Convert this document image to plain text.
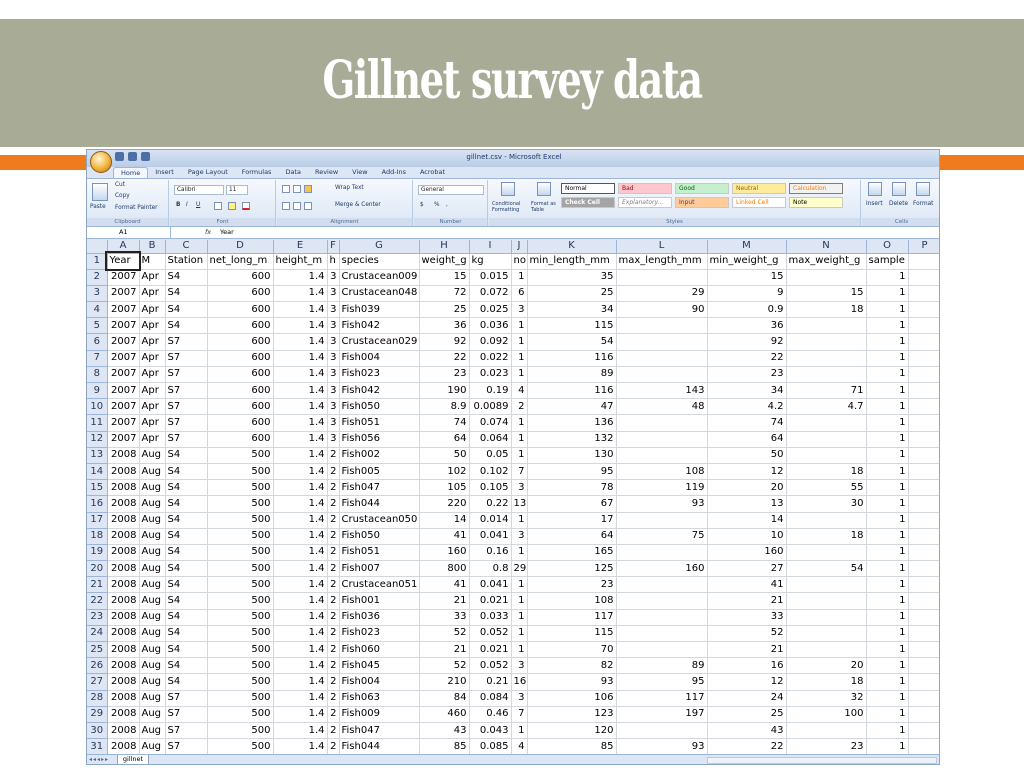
Gillnet survey data
gillnet.csv - Microsoft Excel
Home	Insert	Page Layout	Formulas	Data	Review	View	Add-Ins	Acrobat
Paste
Cut
Copy
Format Painter
Clipboard
Calibri	11
B I U
Font
Wrap Text
Merge & Center
Alignment
General
$ % ,
Number
Conditional Formatting
Format as Table
Normal	Bad	Good	Neutral	Calculation
Check Cell	Explanatory...	Input	Linked Cell	Note
Styles
Insert Delete Format
Cells
A1	fx Year
	A	B	C	D	E	F	G	H	I	J	K	L	M	N	O	P
1	Year	M	Station	net_long_m	height_m	h	species	weight_g	kg	no	min_length_mm	max_length_mm	min_weight_g	max_weight_g	sample	
2	2007	Apr	S4	600	1.4	3	Crustacean009	15	0.015	1	35		15		1	
3	2007	Apr	S4	600	1.4	3	Crustacean048	72	0.072	6	25	29	9	15	1	
4	2007	Apr	S4	600	1.4	3	Fish039	25	0.025	3	34	90	0.9	18	1	
5	2007	Apr	S4	600	1.4	3	Fish042	36	0.036	1	115		36		1	
6	2007	Apr	S7	600	1.4	3	Crustacean029	92	0.092	1	54		92		1	
7	2007	Apr	S7	600	1.4	3	Fish004	22	0.022	1	116		22		1	
8	2007	Apr	S7	600	1.4	3	Fish023	23	0.023	1	89		23		1	
9	2007	Apr	S7	600	1.4	3	Fish042	190	0.19	4	116	143	34	71	1	
10	2007	Apr	S7	600	1.4	3	Fish050	8.9	0.0089	2	47	48	4.2	4.7	1	
11	2007	Apr	S7	600	1.4	3	Fish051	74	0.074	1	136		74		1	
12	2007	Apr	S7	600	1.4	3	Fish056	64	0.064	1	132		64		1	
13	2008	Aug	S4	500	1.4	2	Fish002	50	0.05	1	130		50		1	
14	2008	Aug	S4	500	1.4	2	Fish005	102	0.102	7	95	108	12	18	1	
15	2008	Aug	S4	500	1.4	2	Fish047	105	0.105	3	78	119	20	55	1	
16	2008	Aug	S4	500	1.4	2	Fish044	220	0.22	13	67	93	13	30	1	
17	2008	Aug	S4	500	1.4	2	Crustacean050	14	0.014	1	17		14		1	
18	2008	Aug	S4	500	1.4	2	Fish050	41	0.041	3	64	75	10	18	1	
19	2008	Aug	S4	500	1.4	2	Fish051	160	0.16	1	165		160		1	
20	2008	Aug	S4	500	1.4	2	Fish007	800	0.8	29	125	160	27	54	1	
21	2008	Aug	S4	500	1.4	2	Crustacean051	41	0.041	1	23		41		1	
22	2008	Aug	S4	500	1.4	2	Fish001	21	0.021	1	108		21		1	
23	2008	Aug	S4	500	1.4	2	Fish036	33	0.033	1	117		33		1	
24	2008	Aug	S4	500	1.4	2	Fish023	52	0.052	1	115		52		1	
25	2008	Aug	S4	500	1.4	2	Fish060	21	0.021	1	70		21		1	
26	2008	Aug	S4	500	1.4	2	Fish045	52	0.052	3	82	89	16	20	1	
27	2008	Aug	S4	500	1.4	2	Fish004	210	0.21	16	93	95	12	18	1	
28	2008	Aug	S7	500	1.4	2	Fish063	84	0.084	3	106	117	24	32	1	
29	2008	Aug	S7	500	1.4	2	Fish009	460	0.46	7	123	197	25	100	1	
30	2008	Aug	S7	500	1.4	2	Fish047	43	0.043	1	120		43		1	
31	2008	Aug	S7	500	1.4	2	Fish044	85	0.085	4	85	93	22	23	1	
◂◂◂▸▸	gillnet
